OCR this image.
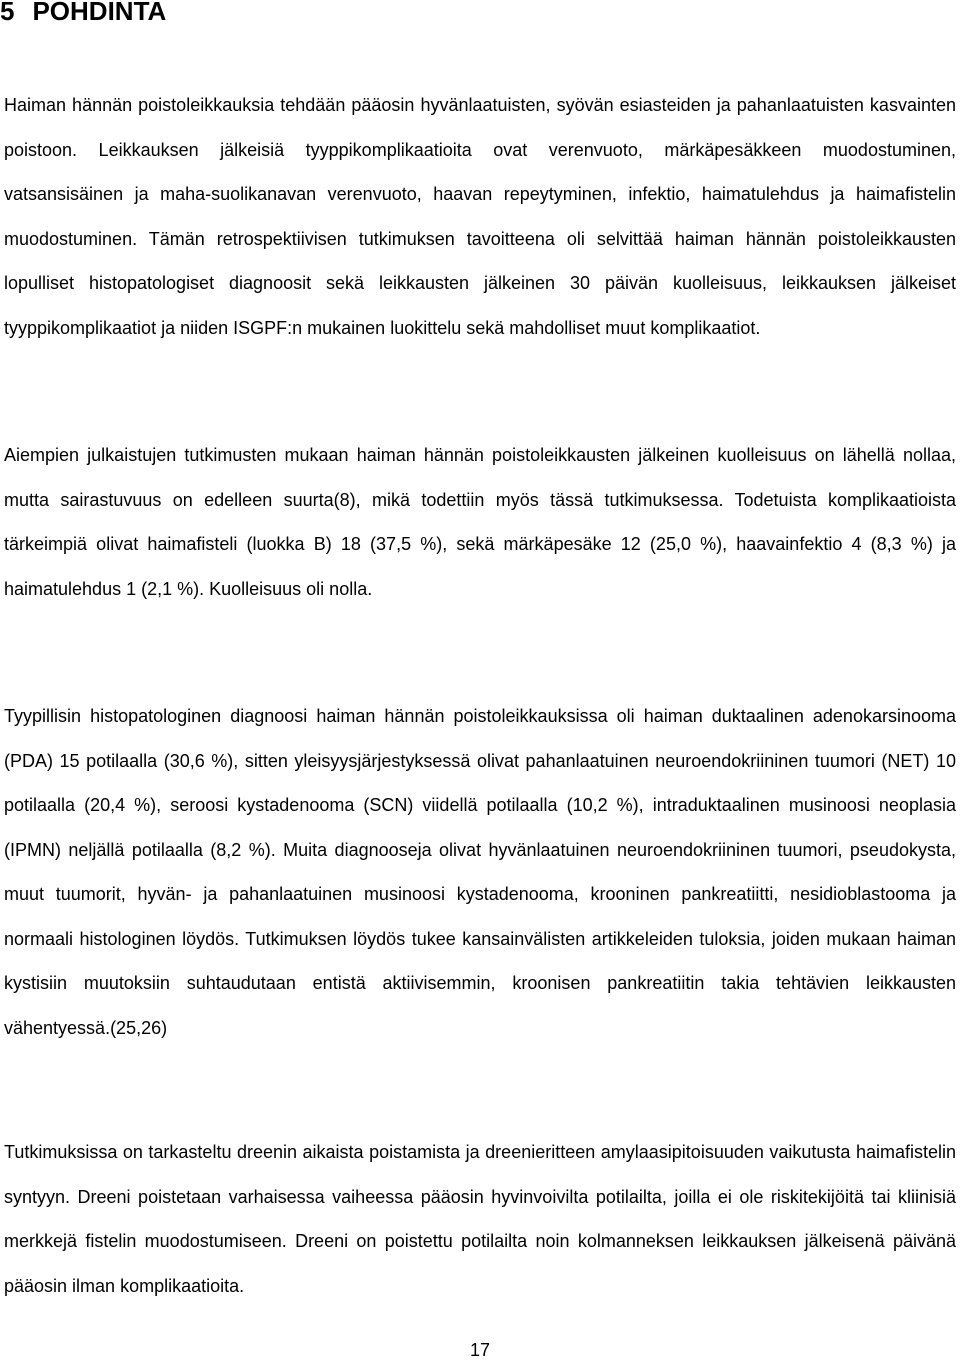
5 POHDINTA

Haiman hännän poistoleikkauksia tehdään pääosin hyvänlaatuisten, syövän esiasteiden ja pahanlaatuisten kasvainten poistoon. Leikkauksen jälkeisiä tyyppikomplikaatioita ovat verenvuoto, märkäpesäkkeen muodostuminen, vatsansisäinen ja maha-suolikanavan verenvuoto, haavan repeytyminen, infektio, haimatulehdus ja haimafistelin muodostuminen. Tämän retrospektiivisen tutkimuksen tavoitteena oli selvittää haiman hännän poistoleikkausten lopulliset histopatologiset diagnoosit sekä leikkausten jälkeinen 30 päivän kuolleisuus, leikkauksen jälkeiset tyyppikomplikaatiot ja niiden ISGPF:n mukainen luokittelu sekä mahdolliset muut komplikaatiot.

Aiempien julkaistujen tutkimusten mukaan haiman hännän poistoleikkausten jälkeinen kuolleisuus on lähellä nollaa, mutta sairastuvuus on edelleen suurta(8), mikä todettiin myös tässä tutkimuksessa. Todetuista komplikaatioista tärkeimpiä olivat haimafisteli (luokka B) 18 (37,5 %), sekä märkäpesäke 12 (25,0 %), haavainfektio 4 (8,3 %) ja haimatulehdus 1 (2,1 %). Kuolleisuus oli nolla.

Tyypillisin histopatologinen diagnoosi haiman hännän poistoleikkauksissa oli haiman duktaalinen adenokarsinooma (PDA) 15 potilaalla (30,6 %), sitten yleisyysjärjestyksessä olivat pahanlaatuinen neuroendokriininen tuumori (NET) 10 potilaalla (20,4 %), seroosi kystadenooma (SCN) viidellä potilaalla (10,2 %), intraduktaalinen musinoosi neoplasia (IPMN) neljällä potilaalla (8,2 %). Muita diagnooseja olivat hyvänlaatuinen neuroendokriininen tuumori, pseudokysta, muut tuumorit, hyvän- ja pahanlaatuinen musinoosi kystadenooma, krooninen pankreatiitti, nesidioblastooma ja normaali histologinen löydös. Tutkimuksen löydös tukee kansainvälisten artikkeleiden tuloksia, joiden mukaan haiman kystisiin muutoksiin suhtaudutaan entistä aktiivisemmin, kroonisen pankreatiitin takia tehtävien leikkausten vähentyessä.(25,26)

Tutkimuksissa on tarkasteltu dreenin aikaista poistamista ja dreenieritteen amylaasipitoisuuden vaikutusta haimafistelin syntyyn. Dreeni poistetaan varhaisessa vaiheessa pääosin hyvinvoivilta potilailta, joilla ei ole riskitekijöitä tai kliinisiä merkkejä fistelin muodostumiseen. Dreeni on poistettu potilailta noin kolmanneksen leikkauksen jälkeisenä päivänä pääosin ilman komplikaatioita.

17
